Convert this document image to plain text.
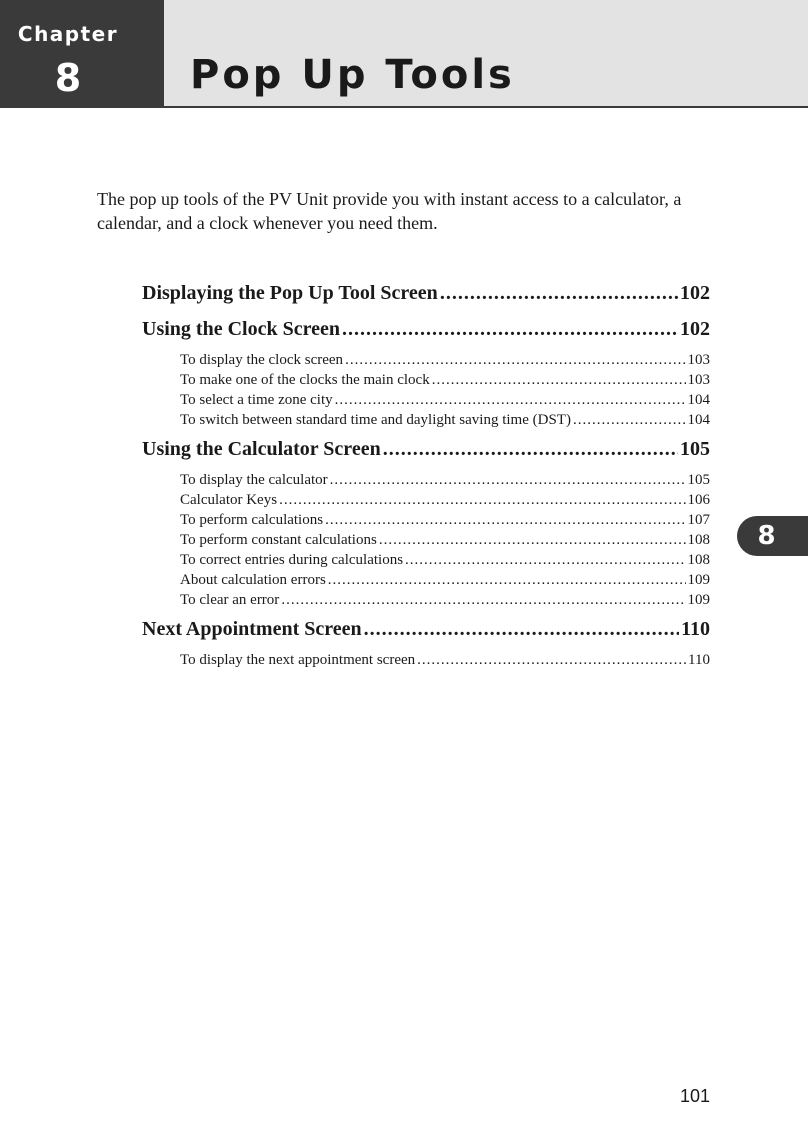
Chapter
8	Pop Up Tools
The pop up tools of the PV Unit provide you with instant access to a calculator, a calendar, and a clock whenever you need them.
Displaying the Pop Up Tool Screen .....	102
Using the Clock Screen .....	102
To display the clock screen .....	103
To make one of the clocks the main clock .....	103
To select a time zone city .....	104
To switch between standard time and daylight saving time (DST) .....	104
Using the Calculator Screen .....	105
To display the calculator .....	105
Calculator Keys .....	106
To perform calculations .....	107
To perform constant calculations .....	108
To correct entries during calculations .....	108
About calculation errors .....	109
To clear an error .....	109
Next Appointment Screen .....	110
To display the next appointment screen .....	110
8
101
